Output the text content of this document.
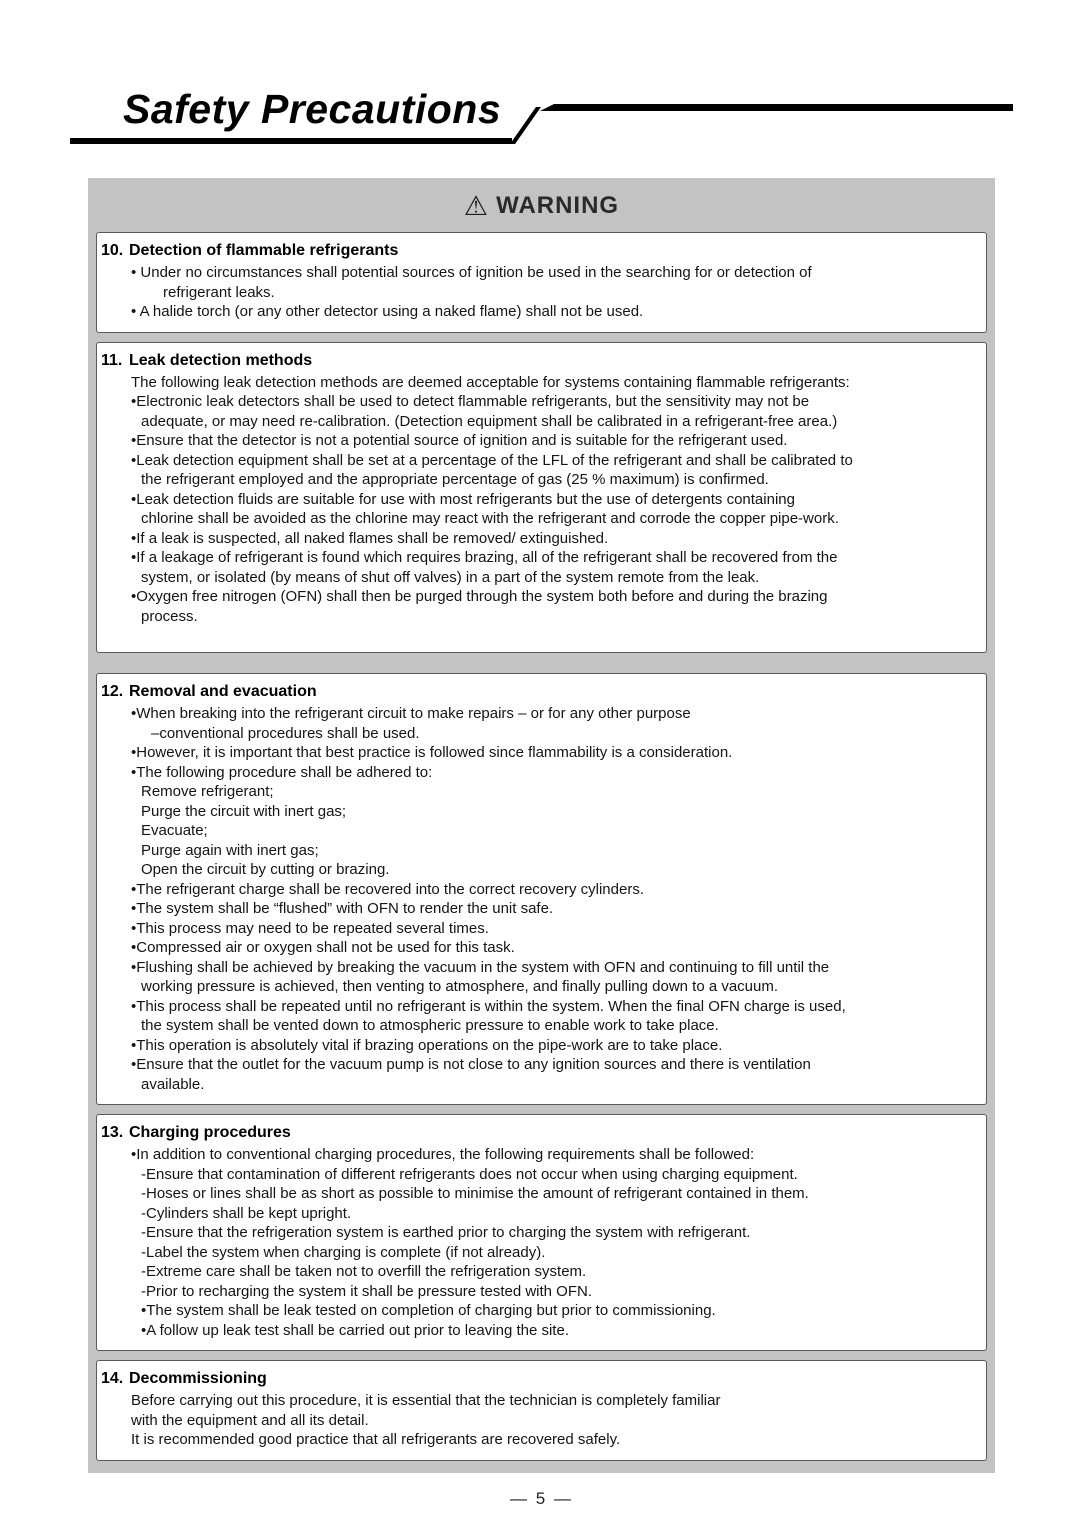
Safety Precautions
⚠ WARNING
10. Detection of flammable refrigerants
• Under no circumstances shall potential sources of ignition be used in the searching for or detection of
refrigerant leaks.
• A halide torch (or any other detector using a naked flame) shall not be used.
11. Leak detection methods
The following leak detection methods are deemed acceptable for systems containing flammable refrigerants:
•Electronic leak detectors shall be used to detect flammable refrigerants, but the sensitivity may not be
adequate, or may need re-calibration. (Detection equipment shall be calibrated in a refrigerant-free area.)
•Ensure that the detector is not a potential source of ignition and is suitable for the refrigerant used.
•Leak detection equipment shall be set at a percentage of the LFL of the refrigerant and shall be calibrated to
the refrigerant employed and the appropriate percentage of gas (25 % maximum) is confirmed.
•Leak detection fluids are suitable for use with most refrigerants but the use of detergents containing
chlorine shall be avoided as the chlorine may react with the refrigerant and corrode the copper pipe-work.
•If a leak is suspected, all naked flames shall be removed/ extinguished.
•If a leakage of refrigerant is found which requires brazing, all of the refrigerant shall be recovered from the
system, or isolated (by means of shut off valves) in a part of the system remote from the leak.
•Oxygen free nitrogen (OFN) shall then be purged through the system both before and during the brazing
process.
12. Removal and evacuation
•When breaking into the refrigerant circuit to make repairs – or for any other purpose
–conventional procedures shall be used.
•However, it is important that best practice is followed since flammability is a consideration.
•The following procedure shall be adhered to:
Remove refrigerant;
Purge the circuit with inert gas;
Evacuate;
Purge again with inert gas;
Open the circuit by cutting or brazing.
•The refrigerant charge shall be recovered into the correct recovery cylinders.
•The system shall be “flushed” with OFN to render the unit safe.
•This process may need to be repeated several times.
•Compressed air or oxygen shall not be used for this task.
•Flushing shall be achieved by breaking the vacuum in the system with OFN and continuing to fill until the
working pressure is achieved, then venting to atmosphere, and finally pulling down to a vacuum.
•This process shall be repeated until no refrigerant is within the system. When the final OFN charge is used,
the system shall be vented down to atmospheric pressure to enable work to take place.
•This operation is absolutely vital if brazing operations on the pipe-work are to take place.
•Ensure that the outlet for the vacuum pump is not close to any ignition sources and there is ventilation
available.
13. Charging procedures
•In addition to conventional charging procedures, the following requirements shall be followed:
-Ensure that contamination of different refrigerants does not occur when using charging equipment.
-Hoses or lines shall be as short as possible to minimise the amount of refrigerant contained in them.
-Cylinders shall be kept upright.
-Ensure that the refrigeration system is earthed prior to charging the system with refrigerant.
-Label the system when charging is complete (if not already).
-Extreme care shall be taken not to overfill the refrigeration system.
-Prior to recharging the system it shall be pressure tested with OFN.
•The system shall be leak tested on completion of charging but prior to commissioning.
•A follow up leak test shall be carried out prior to leaving the site.
14. Decommissioning
Before carrying out this procedure, it is essential that the technician is completely familiar
with the equipment and all its detail.
It is recommended good practice that all refrigerants are recovered safely.
— 5 —
